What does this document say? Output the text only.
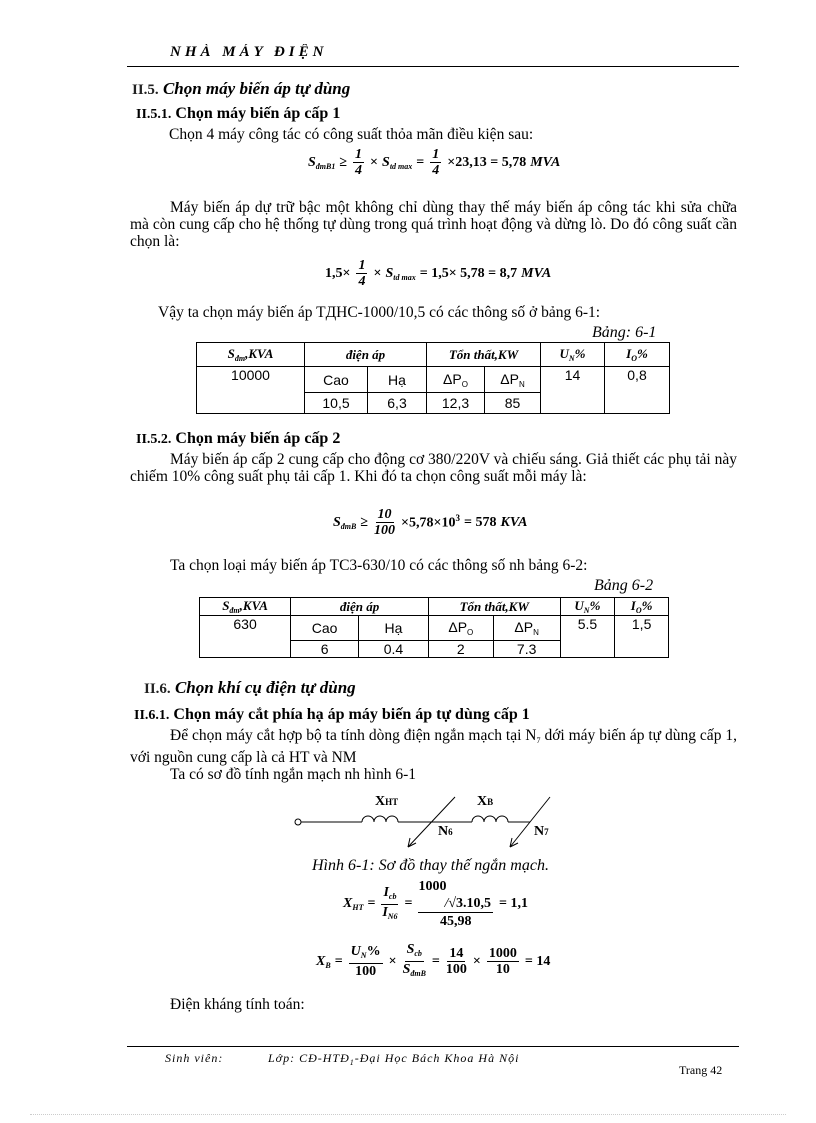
NHÀ MÁY ĐIỆN
II.5. Chọn máy biến áp tự dùng
II.5.1. Chọn máy biến áp cấp 1
Chọn 4 máy công tác có công suất thỏa mãn điều kiện sau:
$S_{đmB1} \ge \frac{1}{4} \times S_{td max} = \frac{1}{4} \times 23,13 = 5,78$ MVA
Máy biến áp dự trữ bậc một không chỉ dùng thay thế máy biến áp công tác khi sửa chữa mà còn cung cấp cho hệ thống tự dùng trong quá trình hoạt động và dừng lò. Do đó công suất cần chọn là:
$1,5\times \frac{1}{4} \times S_{td max} = 1,5\times 5,78 = 8,7$ MVA
Vậy ta chọn máy biến áp TДHC-1000/10,5 có các thông số ở bảng 6-1:
Bảng: 6-1
$S_{đm},KVA$	điện áp		Tổn thất,KW		$U_N\%$	$I_O\%$
10000	Cao	Hạ	$\Delta P_O$	$\Delta P_N$	14	0,8
	10,5	6,3	12,3	85		
II.5.2. Chọn máy biến áp cấp 2
Máy biến áp cấp 2 cung cấp cho động cơ 380/220V và chiếu sáng. Giả thiết các phụ tải này chiếm 10% công suất phụ tải cấp 1. Khi đó ta chọn công suất mỗi máy là:
$S_{đmB} \ge \frac{10}{100} \times 5,78\times 10^3 = 578$ KVA
Ta chọn loại máy biến áp TC3-630/10 có các thông số nh bảng 6-2:
Bảng 6-2
$S_{đm},KVA$	điện áp		Tổn thất,KW		$U_N\%$	$I_O\%$
630	Cao	Hạ	$\Delta P_O$	$\Delta P_N$	5.5	1,5
	6	0.4	2	7.3		
II.6. Chọn khí cụ điện tự dùng
II.6.1. Chọn máy cắt phía hạ áp máy biến áp tự dùng cấp 1
Để chọn máy cắt hợp bộ ta tính dòng điện ngắn mạch tại $N_7$ dới máy biến áp tự dùng cấp 1, với nguồn cung cấp là cả HT và NM
Ta có sơ đồ tính ngắn mạch nh hình 6-1
XHT	XB
N6	N7
Hình 6-1: Sơ đồ thay thế ngắn mạch.
$X_{HT} = \frac{I_{cb}}{I_{N6}}$ =
1000
/√3.10,5
45,98
= 1,1
$X_B = \frac{U_N\%}{100} \times \frac{S_{cb}}{S_{đmB}} = \frac{14}{100} \times \frac{1000}{10} = 14$
Điện kháng tính toán:
Sinh viên:	Lớp: $CĐ-HTĐ_1$-Đại Học Bách Khoa Hà Nội
Trang 42
